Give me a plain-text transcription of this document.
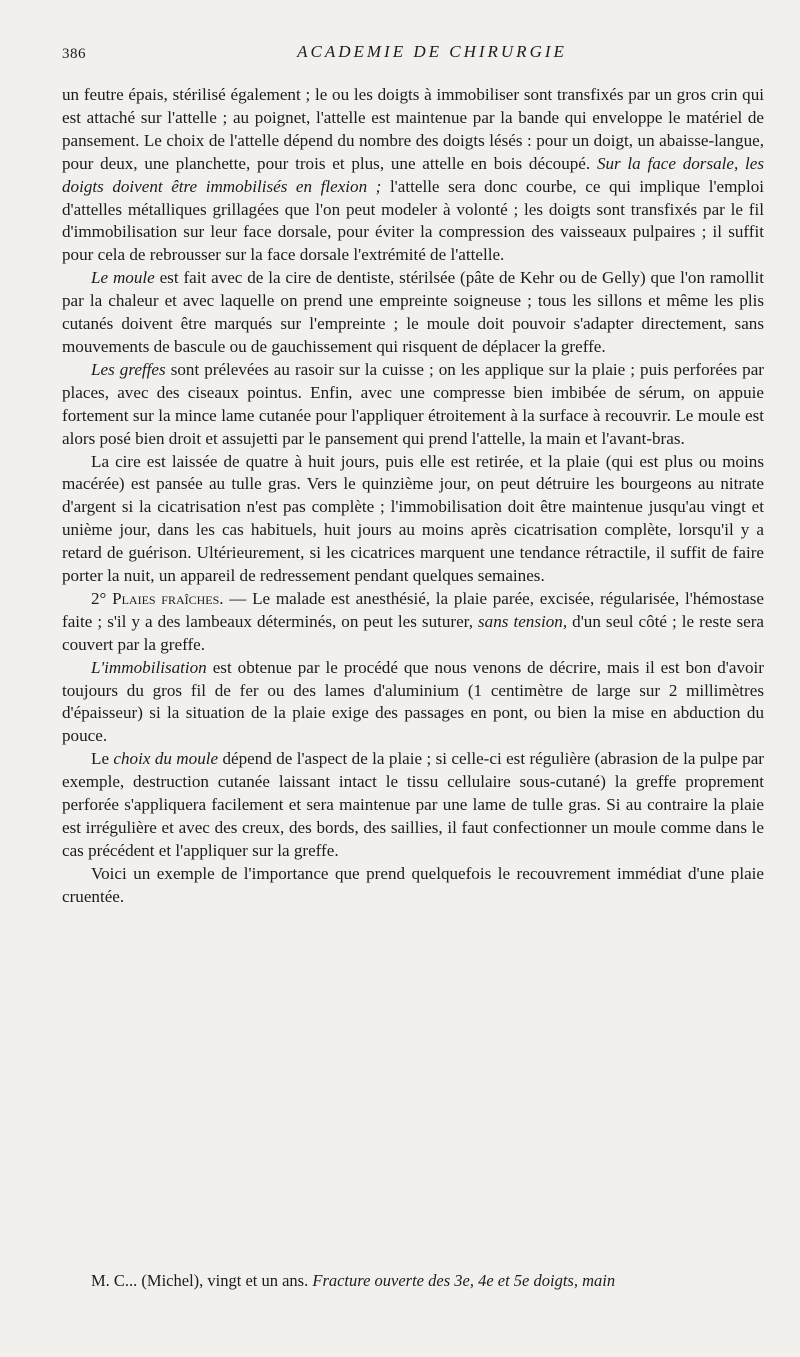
386	ACADEMIE DE CHIRURGIE

un feutre épais, stérilisé également ; le ou les doigts à immobiliser sont transfixés par un gros crin qui est attaché sur l'attelle ; au poignet, l'attelle est maintenue par la bande qui enveloppe le matériel de pansement. Le choix de l'attelle dépend du nombre des doigts lésés : pour un doigt, un abaisse-langue, pour deux, une planchette, pour trois et plus, une attelle en bois découpé. Sur la face dorsale, les doigts doivent être immobilisés en flexion ; l'attelle sera donc courbe, ce qui implique l'emploi d'attelles métalliques grillagées que l'on peut modeler à volonté ; les doigts sont transfixés par le fil d'immobilisation sur leur face dorsale, pour éviter la compression des vaisseaux pulpaires ; il suffit pour cela de rebrousser sur la face dorsale l'extrémité de l'attelle.

Le moule est fait avec de la cire de dentiste, stérilsée (pâte de Kehr ou de Gelly) que l'on ramollit par la chaleur et avec laquelle on prend une empreinte soigneuse ; tous les sillons et même les plis cutanés doivent être marqués sur l'empreinte ; le moule doit pouvoir s'adapter directement, sans mouvements de bascule ou de gauchissement qui risquent de déplacer la greffe.

Les greffes sont prélevées au rasoir sur la cuisse ; on les applique sur la plaie ; puis perforées par places, avec des ciseaux pointus. Enfin, avec une compresse bien imbibée de sérum, on appuie fortement sur la mince lame cutanée pour l'appliquer étroitement à la surface à recouvrir. Le moule est alors posé bien droit et assujetti par le pansement qui prend l'attelle, la main et l'avant-bras.

La cire est laissée de quatre à huit jours, puis elle est retirée, et la plaie (qui est plus ou moins macérée) est pansée au tulle gras. Vers le quinzième jour, on peut détruire les bourgeons au nitrate d'argent si la cicatrisation n'est pas complète ; l'immobilisation doit être maintenue jusqu'au vingt et unième jour, dans les cas habituels, huit jours au moins après cicatrisation complète, lorsqu'il y a retard de guérison. Ultérieurement, si les cicatrices marquent une tendance rétractile, il suffit de faire porter la nuit, un appareil de redressement pendant quelques semaines.

2° Plaies fraîches. — Le malade est anesthésié, la plaie parée, excisée, régularisée, l'hémostase faite ; s'il y a des lambeaux déterminés, on peut les suturer, sans tension, d'un seul côté ; le reste sera couvert par la greffe.

L'immobilisation est obtenue par le procédé que nous venons de décrire, mais il est bon d'avoir toujours du gros fil de fer ou des lames d'aluminium (1 centimètre de large sur 2 millimètres d'épaisseur) si la situation de la plaie exige des passages en pont, ou bien la mise en abduction du pouce.

Le choix du moule dépend de l'aspect de la plaie ; si celle-ci est régulière (abrasion de la pulpe par exemple, destruction cutanée laissant intact le tissu cellulaire sous-cutané) la greffe proprement perforée s'appliquera facilement et sera maintenue par une lame de tulle gras. Si au contraire la plaie est irrégulière et avec des creux, des bords, des saillies, il faut confectionner un moule comme dans le cas précédent et l'appliquer sur la greffe.

Voici un exemple de l'importance que prend quelquefois le recouvrement immédiat d'une plaie cruentée.

M. C... (Michel), vingt et un ans. Fracture ouverte des 3e, 4e et 5e doigts, main
